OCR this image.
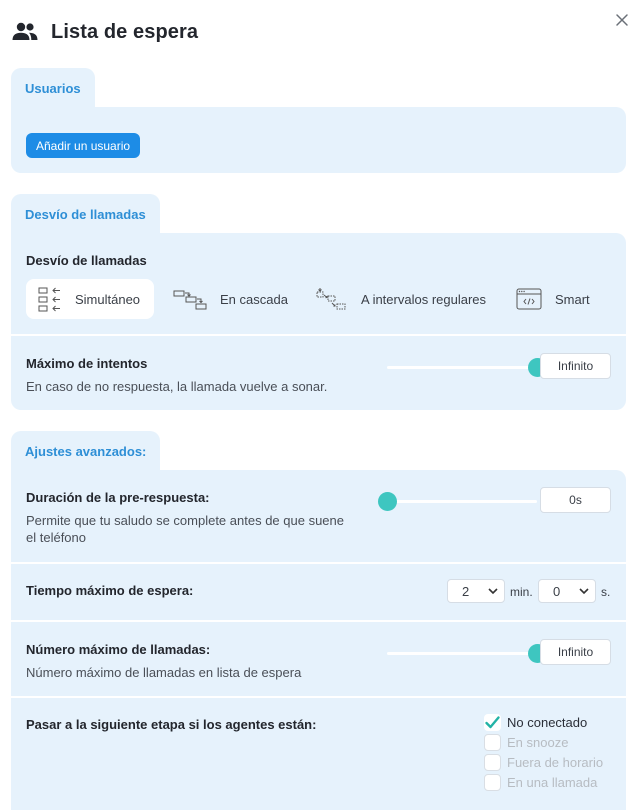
Lista de espera
Usuarios
Añadir un usuario
Desvío de llamadas
Desvío de llamadas
Simultáneo	En cascada	A intervalos regulares	Smart
Máximo de intentos
En caso de no respuesta, la llamada vuelve a sonar.
Infinito
Ajustes avanzados:
Duración de la pre-respuesta:
Permite que tu saludo se complete antes de que suene
el teléfono
0s
Tiempo máximo de espera:	2	min. 0	s.
Número máximo de llamadas:
Número máximo de llamadas en lista de espera
Infinito
Pasar a la siguiente etapa si los agentes están:	No conectado
En snooze
Fuera de horario
En una llamada
